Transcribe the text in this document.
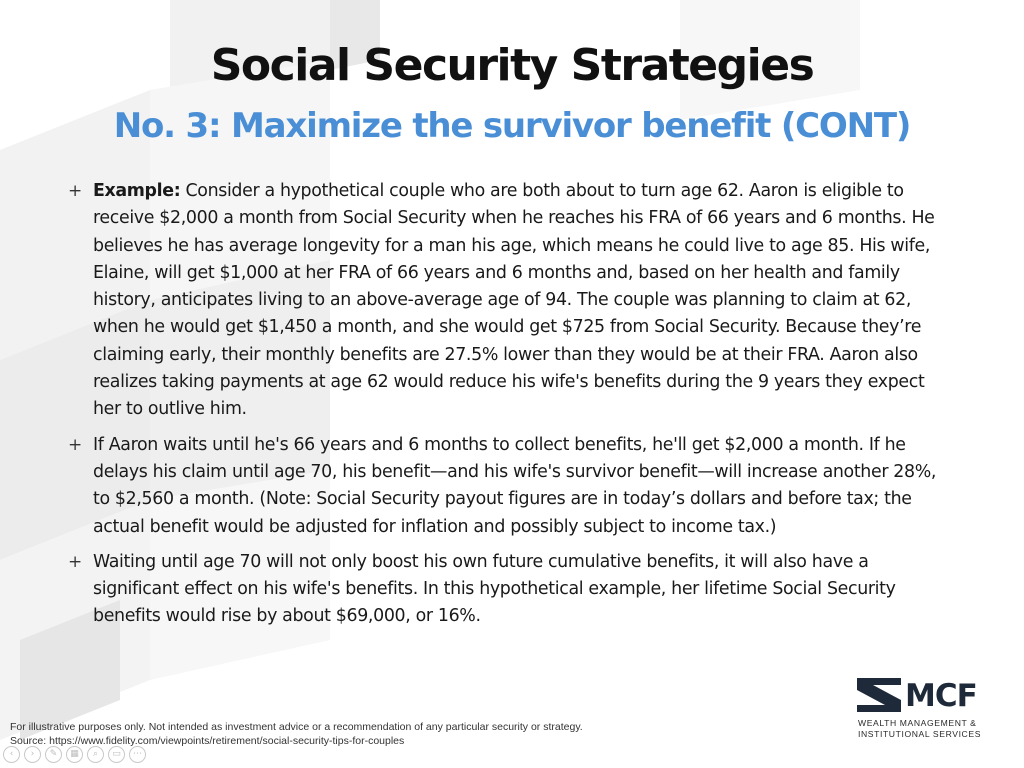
Social Security Strategies
No. 3: Maximize the survivor benefit (CONT)
+ Example: Consider a hypothetical couple who are both about to turn age 62. Aaron is eligible to receive $2,000 a month from Social Security when he reaches his FRA of 66 years and 6 months. He believes he has average longevity for a man his age, which means he could live to age 85. His wife, Elaine, will get $1,000 at her FRA of 66 years and 6 months and, based on her health and family history, anticipates living to an above-average age of 94. The couple was planning to claim at 62, when he would get $1,450 a month, and she would get $725 from Social Security. Because they’re claiming early, their monthly benefits are 27.5% lower than they would be at their FRA. Aaron also realizes taking payments at age 62 would reduce his wife's benefits during the 9 years they expect her to outlive him.
+ If Aaron waits until he's 66 years and 6 months to collect benefits, he'll get $2,000 a month. If he delays his claim until age 70, his benefit—and his wife's survivor benefit—will increase another 28%, to $2,560 a month. (Note: Social Security payout figures are in today’s dollars and before tax; the actual benefit would be adjusted for inflation and possibly subject to income tax.)
+ Waiting until age 70 will not only boost his own future cumulative benefits, it will also have a significant effect on his wife's benefits. In this hypothetical example, her lifetime Social Security benefits would rise by about $69,000, or 16%.
For illustrative purposes only. Not intended as investment advice or a recommendation of any particular security or strategy.
Source: https://www.fidelity.com/viewpoints/retirement/social-security-tips-for-couples
MCF
WEALTH MANAGEMENT &
INSTITUTIONAL SERVICES
‹	›	✎	▦	⌕	▭	⋯
